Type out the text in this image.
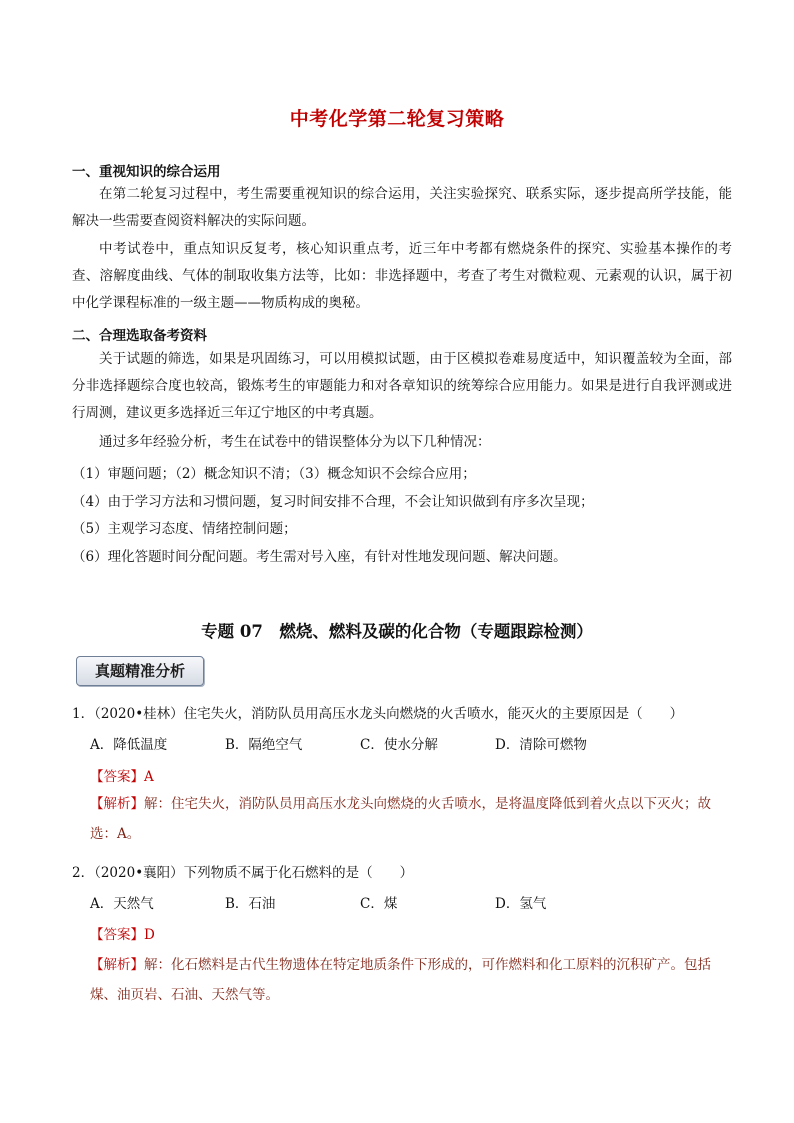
中考化学第二轮复习策略
一、重视知识的综合运用
在第二轮复习过程中，考生需要重视知识的综合运用，关注实验探究、联系实际，逐步提高所学技能，能解决一些需要查阅资料解决的实际问题。
中考试卷中，重点知识反复考，核心知识重点考，近三年中考都有燃烧条件的探究、实验基本操作的考查、溶解度曲线、气体的制取收集方法等，比如：非选择题中，考查了考生对微粒观、元素观的认识，属于初中化学课程标准的一级主题——物质构成的奥秘。
二、合理选取备考资料
关于试题的筛选，如果是巩固练习，可以用模拟试题，由于区模拟卷难易度适中，知识覆盖较为全面，部分非选择题综合度也较高，锻炼考生的审题能力和对各章知识的统筹综合应用能力。如果是进行自我评测或进行周测，建议更多选择近三年辽宁地区的中考真题。
通过多年经验分析，考生在试卷中的错误整体分为以下几种情况：
（1）审题问题；（2）概念知识不清；（3）概念知识不会综合应用；
（4）由于学习方法和习惯问题，复习时间安排不合理，不会让知识做到有序多次呈现；
（5）主观学习态度、情绪控制问题；
（6）理化答题时间分配问题。考生需对号入座，有针对性地发现问题、解决问题。
专题 07　燃烧、燃料及碳的化合物（专题跟踪检测）
真题精准分析
1．（2020•桂林）住宅失火，消防队员用高压水龙头向燃烧的火舌喷水，能灭火的主要原因是（　　）
A．降低温度	B．隔绝空气	C．使水分解	D．清除可燃物
【答案】A
【解析】解：住宅失火，消防队员用高压水龙头向燃烧的火舌喷水，是将温度降低到着火点以下灭火；故选：A。
2．（2020•襄阳）下列物质不属于化石燃料的是（　　）
A．天然气	B．石油	C．煤	D．氢气
【答案】D
【解析】解：化石燃料是古代生物遗体在特定地质条件下形成的，可作燃料和化工原料的沉积矿产。包括煤、油页岩、石油、天然气等。
